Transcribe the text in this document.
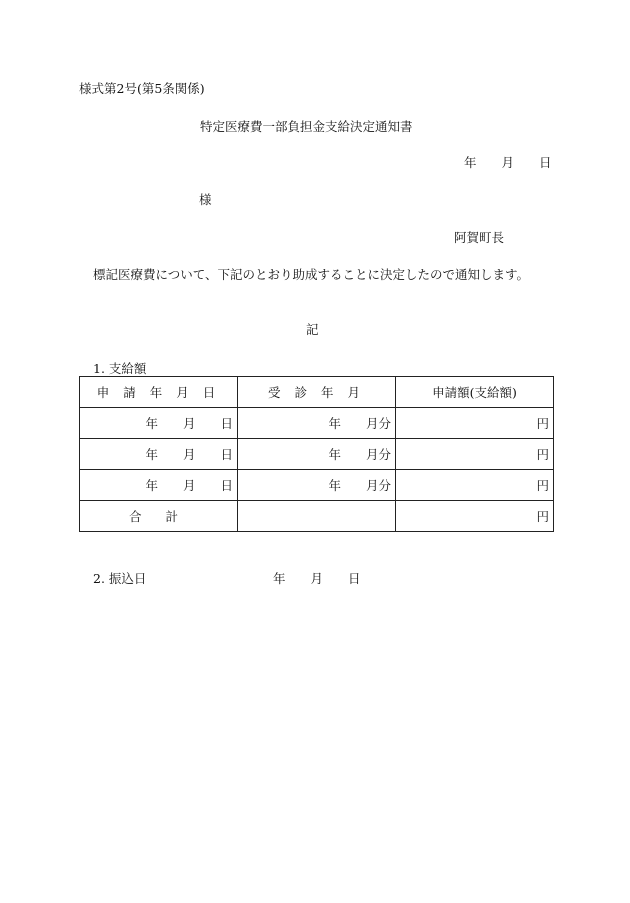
様式第2号(第5条関係)
特定医療費一部負担金支給決定通知書
年　　月　　日
様
阿賀町長
標記医療費について、下記のとおり助成することに決定したので通知します。
記
1. 支給額
申 請 年 月 日	受 診 年 月	申請額(支給額)
年　　月　　日	年　　月分	円
年　　月　　日	年　　月分	円
年　　月　　日	年　　月分	円
合 計		円
2. 振込日	年　　月　　日
